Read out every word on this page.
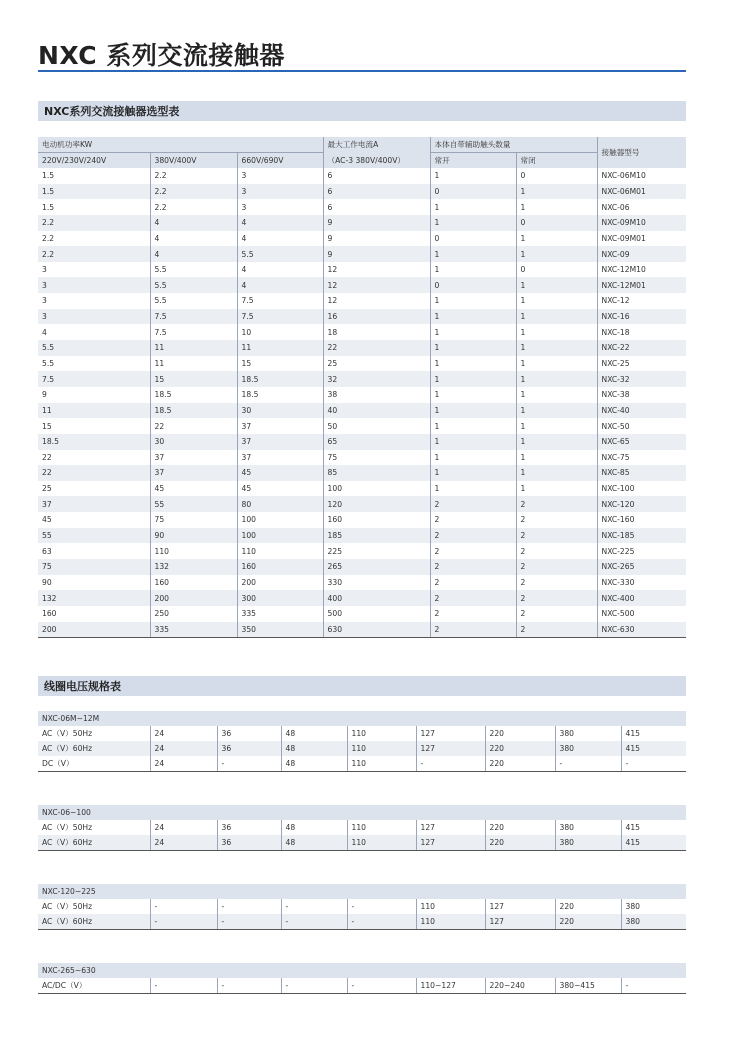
NXC 系列交流接触器
NXC系列交流接触器选型表
电动机功率KW			最大工作电流A	本体自带辅助触头数量		接触器型号
220V/230V/240V	380V/400V	660V/690V	（AC-3 380V/400V）	常开	常闭	
1.5	2.2	3	6	1	0	NXC-06M10
1.5	2.2	3	6	0	1	NXC-06M01
1.5	2.2	3	6	1	1	NXC-06
2.2	4	4	9	1	0	NXC-09M10
2.2	4	4	9	0	1	NXC-09M01
2.2	4	5.5	9	1	1	NXC-09
3	5.5	4	12	1	0	NXC-12M10
3	5.5	4	12	0	1	NXC-12M01
3	5.5	7.5	12	1	1	NXC-12
3	7.5	7.5	16	1	1	NXC-16
4	7.5	10	18	1	1	NXC-18
5.5	11	11	22	1	1	NXC-22
5.5	11	15	25	1	1	NXC-25
7.5	15	18.5	32	1	1	NXC-32
9	18.5	18.5	38	1	1	NXC-38
11	18.5	30	40	1	1	NXC-40
15	22	37	50	1	1	NXC-50
18.5	30	37	65	1	1	NXC-65
22	37	37	75	1	1	NXC-75
22	37	45	85	1	1	NXC-85
25	45	45	100	1	1	NXC-100
37	55	80	120	2	2	NXC-120
45	75	100	160	2	2	NXC-160
55	90	100	185	2	2	NXC-185
63	110	110	225	2	2	NXC-225
75	132	160	265	2	2	NXC-265
90	160	200	330	2	2	NXC-330
132	200	300	400	2	2	NXC-400
160	250	335	500	2	2	NXC-500
200	335	350	630	2	2	NXC-630
线圈电压规格表
NXC-06M~12M								
AC（V）50Hz	24	36	48	110	127	220	380	415
AC（V）60Hz	24	36	48	110	127	220	380	415
DC（V）	24	-	48	110	-	220	-	-
NXC-06~100								
AC（V）50Hz	24	36	48	110	127	220	380	415
AC（V）60Hz	24	36	48	110	127	220	380	415
NXC-120~225								
AC（V）50Hz	-	-	-	-	110	127	220	380
AC（V）60Hz	-	-	-	-	110	127	220	380
NXC-265~630
AC/DC（V）	-	-	-	-	110~127	220~240	380~415	-
